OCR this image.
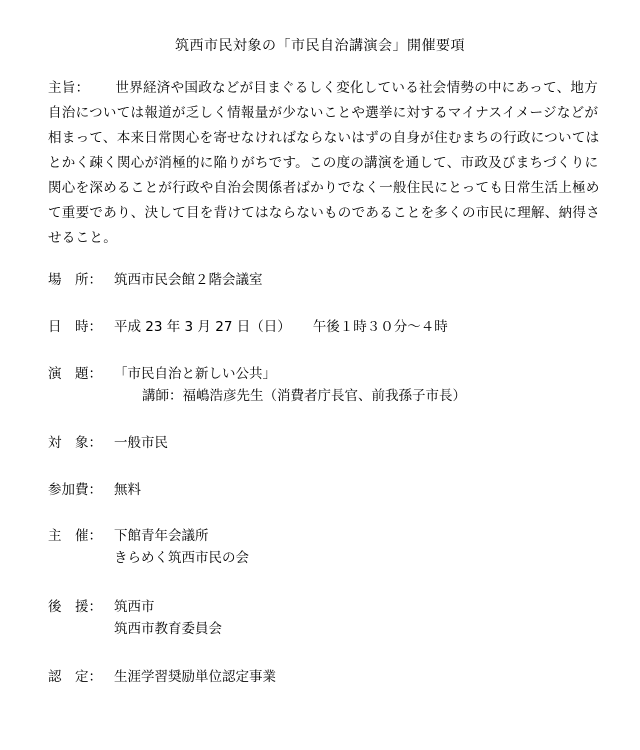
筑西市民対象の「市民自治講演会」開催要項
主旨： 世界経済や国政などが目まぐるしく変化している社会情勢の中にあって、地方自治については報道が乏しく情報量が少ないことや選挙に対するマイナスイメージなどが相まって、本来日常関心を寄せなければならないはずの自身が住むまちの行政についてはとかく疎く関心が消極的に陥りがちです。この度の講演を通して、市政及びまちづくりに関心を深めることが行政や自治会関係者ばかりでなく一般住民にとっても日常生活上極めて重要であり、決して目を背けてはならないものであることを多くの市民に理解、納得させること。
場　所： 筑西市民会館２階会議室
日　時： 平成 23 年 3 月 27 日（日） 午後１時３０分～４時
演　題： 「市民自治と新しい公共」
講師：福嶋浩彦先生（消費者庁長官、前我孫子市長）
対　象： 一般市民
参加費： 無料
主　催： 下館青年会議所
きらめく筑西市民の会
後　援： 筑西市
筑西市教育委員会
認　定： 生涯学習奨励単位認定事業
